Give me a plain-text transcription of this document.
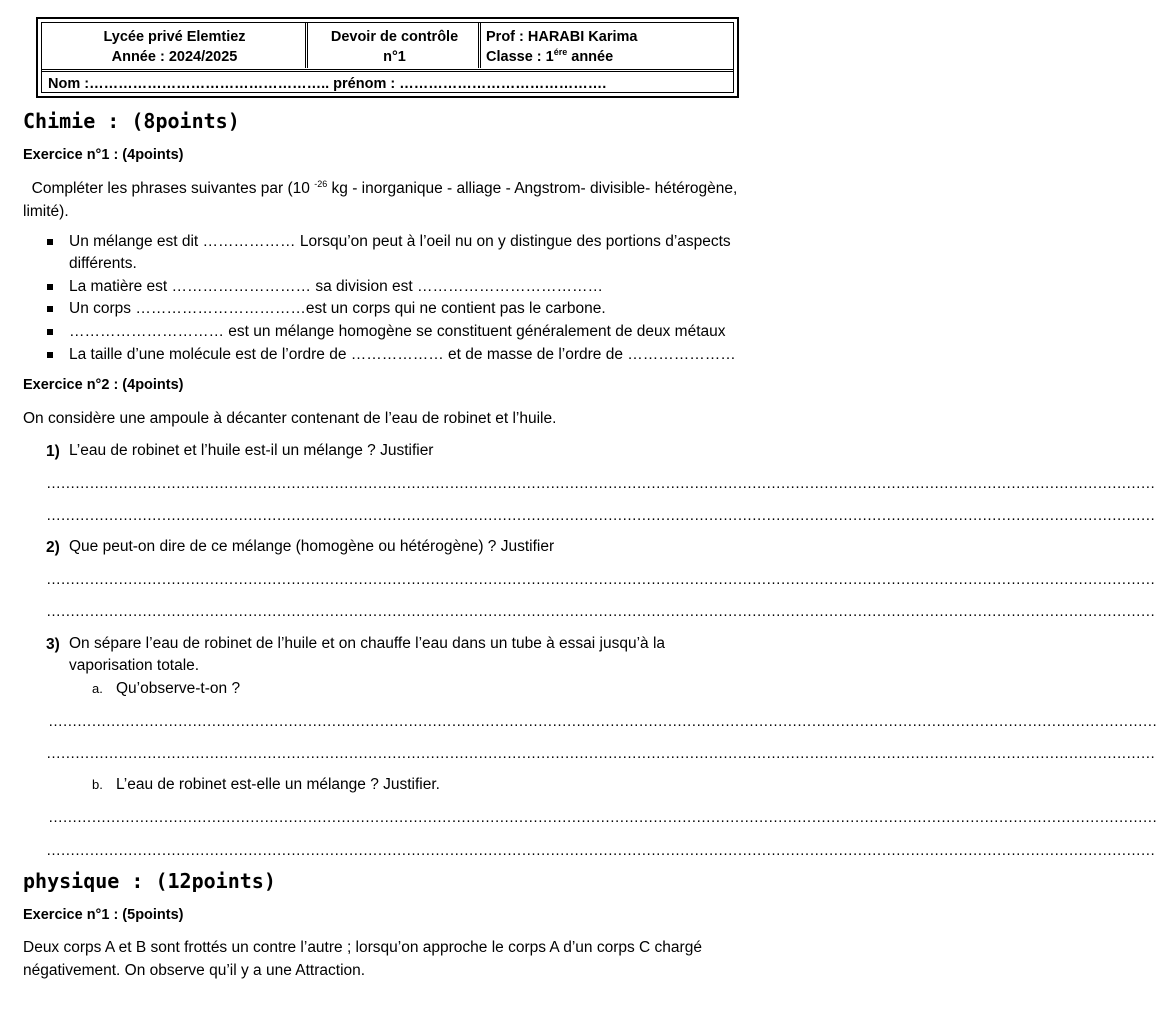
Lycée privé Elemtiez
Année : 2024/2025
Devoir de contrôle
n°1
Prof : HARABI Karima
Classe : $1^{ére}$ année
Nom :………………………………………….. prénom : …………………………………….
Chimie : (8points)
Exercice n°1 : (4points)
Compléter les phrases suivantes par (10 $^{-26}$ kg - inorganique - alliage - Angstrom- divisible- hétérogène, limité).
Un mélange est dit ……………… Lorsqu’on peut à l’oeil nu on y distingue des portions d’aspects différents.
La matière est ……………………… sa division est ………………………………
Un corps ……………………………est un corps qui ne contient pas le carbone.
………………………… est un mélange homogène se constituent généralement de deux métaux
La taille d’une molécule est de l’ordre de ……………… et de masse de l’ordre de …………………
Exercice n°2 : (4points)
On considère une ampoule à décanter contenant de l’eau de robinet et l’huile.
1) L’eau de robinet et l’huile est-il un mélange ? Justifier
……………………………………………………………………………………………………………………………………………………………………………………………………………
……………………………………………………………………………………………………………………………………………………………………………………………………………
2) Que peut-on dire de ce mélange (homogène ou hétérogène) ? Justifier
……………………………………………………………………………………………………………………………………………………………………………………………………………
……………………………………………………………………………………………………………………………………………………………………………………………………………
3) On sépare l’eau de robinet de l’huile et on chauffe l’eau dans un tube à essai jusqu’à la vaporisation totale.
a. Qu’observe-t-on ?
……………………………………………………………………………………………………………………………………………………………………………………………………………
……………………………………………………………………………………………………………………………………………………………………………………………………………
b. L’eau de robinet est-elle un mélange ? Justifier.
……………………………………………………………………………………………………………………………………………………………………………………………………………
……………………………………………………………………………………………………………………………………………………………………………………………………………
physique : (12points)
Exercice n°1 : (5points)
Deux corps A et B sont frottés un contre l’autre ; lorsqu’on approche le corps A d’un corps C chargé négativement. On observe qu’il y a une Attraction.
